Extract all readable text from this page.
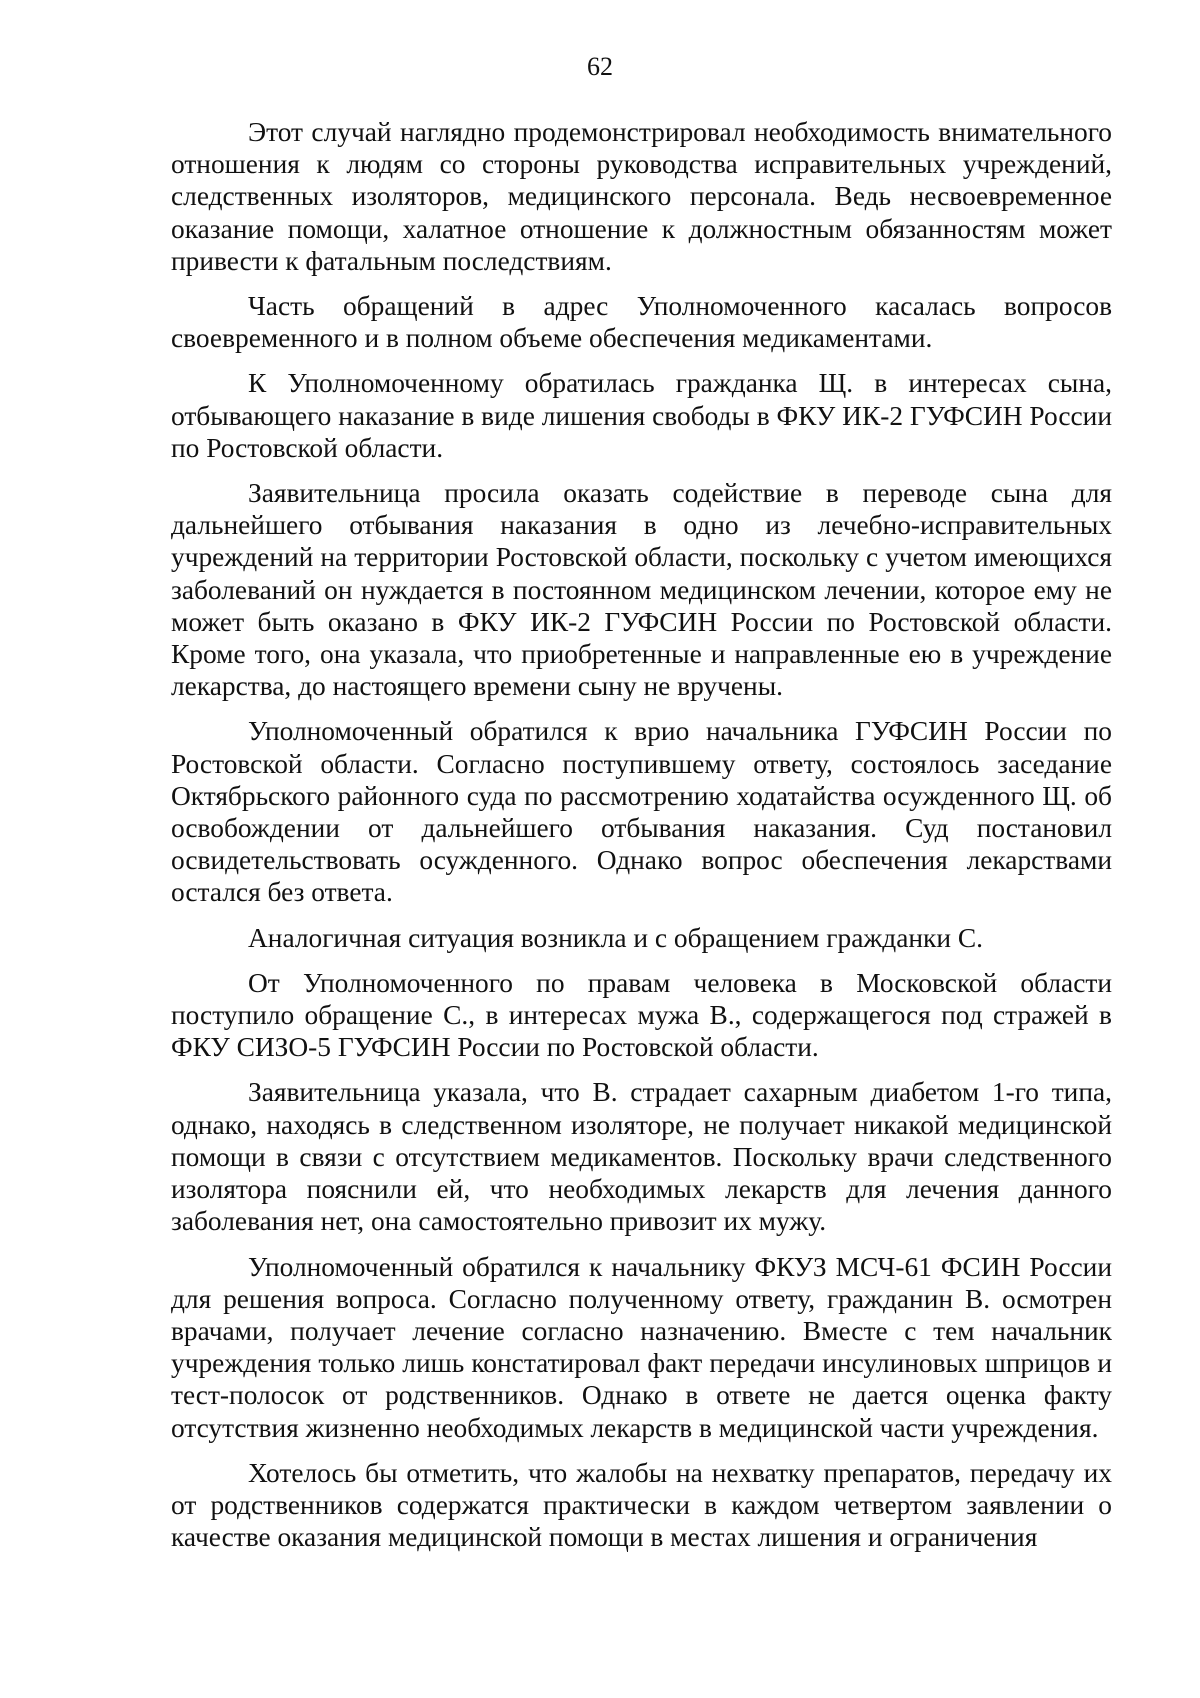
62

Этот случай наглядно продемонстрировал необходимость внимательного отношения к людям со стороны руководства исправительных учреждений, следственных изоляторов, медицинского персонала. Ведь несвоевременное оказание помощи, халатное отношение к должностным обязанностям может привести к фатальным последствиям.

Часть обращений в адрес Уполномоченного касалась вопросов своевременного и в полном объеме обеспечения медикаментами.

К Уполномоченному обратилась гражданка Щ. в интересах сына, отбывающего наказание в виде лишения свободы в ФКУ ИК-2 ГУФСИН России по Ростовской области.

Заявительница просила оказать содействие в переводе сына для дальнейшего отбывания наказания в одно из лечебно-исправительных учреждений на территории Ростовской области, поскольку с учетом имеющихся заболеваний он нуждается в постоянном медицинском лечении, которое ему не может быть оказано в ФКУ ИК-2 ГУФСИН России по Ростовской области. Кроме того, она указала, что приобретенные и направленные ею в учреждение лекарства, до настоящего времени сыну не вручены.

Уполномоченный обратился к врио начальника ГУФСИН России по Ростовской области. Согласно поступившему ответу, состоялось заседание Октябрьского районного суда по рассмотрению ходатайства осужденного Щ. об освобождении от дальнейшего отбывания наказания. Суд постановил освидетельствовать осужденного. Однако вопрос обеспечения лекарствами остался без ответа.

Аналогичная ситуация возникла и с обращением гражданки С.

От Уполномоченного по правам человека в Московской области поступило обращение С., в интересах мужа В., содержащегося под стражей в ФКУ СИЗО-5 ГУФСИН России по Ростовской области.

Заявительница указала, что В. страдает сахарным диабетом 1-го типа, однако, находясь в следственном изоляторе, не получает никакой медицинской помощи в связи с отсутствием медикаментов. Поскольку врачи следственного изолятора пояснили ей, что необходимых лекарств для лечения данного заболевания нет, она самостоятельно привозит их мужу.

Уполномоченный обратился к начальнику ФКУЗ МСЧ-61 ФСИН России для решения вопроса. Согласно полученному ответу, гражданин В. осмотрен врачами, получает лечение согласно назначению. Вместе с тем начальник учреждения только лишь констатировал факт передачи инсулиновых шприцов и тест-полосок от родственников. Однако в ответе не дается оценка факту отсутствия жизненно необходимых лекарств в медицинской части учреждения.

Хотелось бы отметить, что жалобы на нехватку препаратов, передачу их от родственников содержатся практически в каждом четвертом заявлении о качестве оказания медицинской помощи в местах лишения и ограничения
